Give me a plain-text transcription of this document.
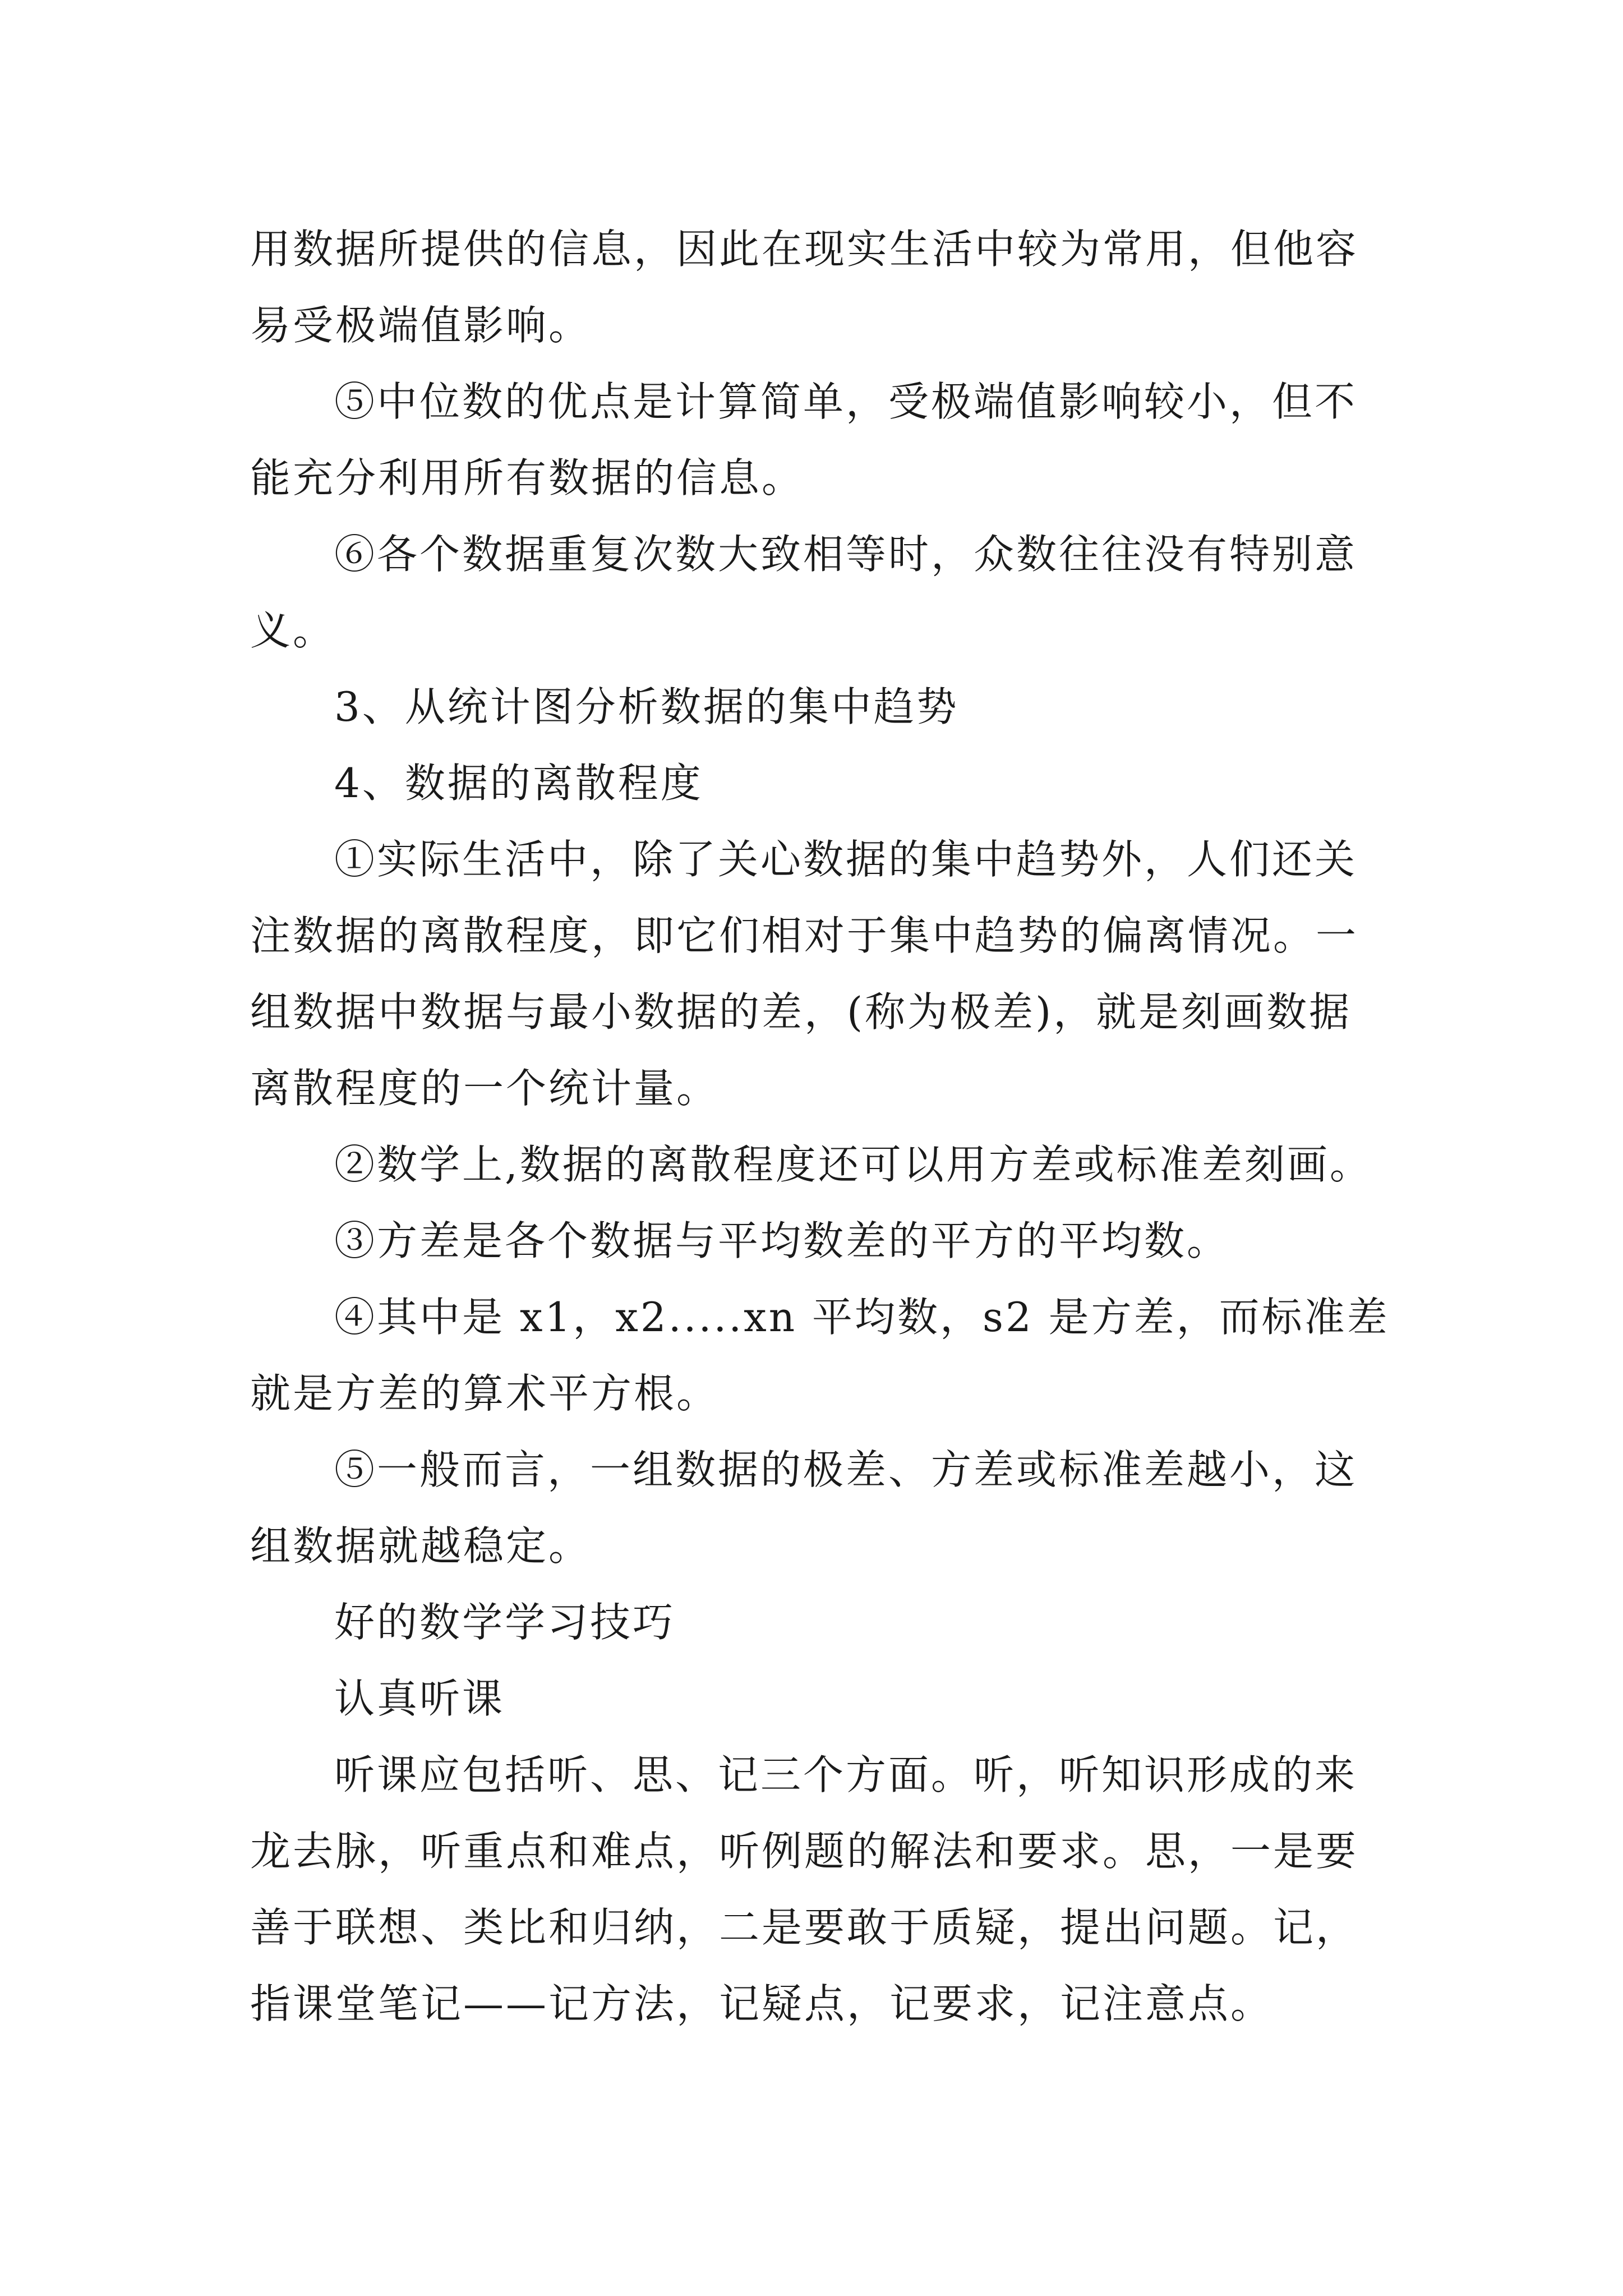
用数据所提供的信息，因此在现实生活中较为常用，但他容
易受极端值影响。
⑤中位数的优点是计算简单，受极端值影响较小，但不
能充分利用所有数据的信息。
⑥各个数据重复次数大致相等时，众数往往没有特别意
义。
3、从统计图分析数据的集中趋势
4、数据的离散程度
①实际生活中，除了关心数据的集中趋势外，人们还关
注数据的离散程度，即它们相对于集中趋势的偏离情况。一
组数据中数据与最小数据的差，(称为极差)，就是刻画数据
离散程度的一个统计量。
②数学上,数据的离散程度还可以用方差或标准差刻画。
③方差是各个数据与平均数差的平方的平均数。
④其中是 x1，x2.....xn 平均数，s2 是方差，而标准差
就是方差的算术平方根。
⑤一般而言，一组数据的极差、方差或标准差越小，这
组数据就越稳定。
好的数学学习技巧
认真听课
听课应包括听、思、记三个方面。听，听知识形成的来
龙去脉，听重点和难点，听例题的解法和要求。思，一是要
善于联想、类比和归纳，二是要敢于质疑，提出问题。记，
指课堂笔记——记方法，记疑点，记要求，记注意点。
